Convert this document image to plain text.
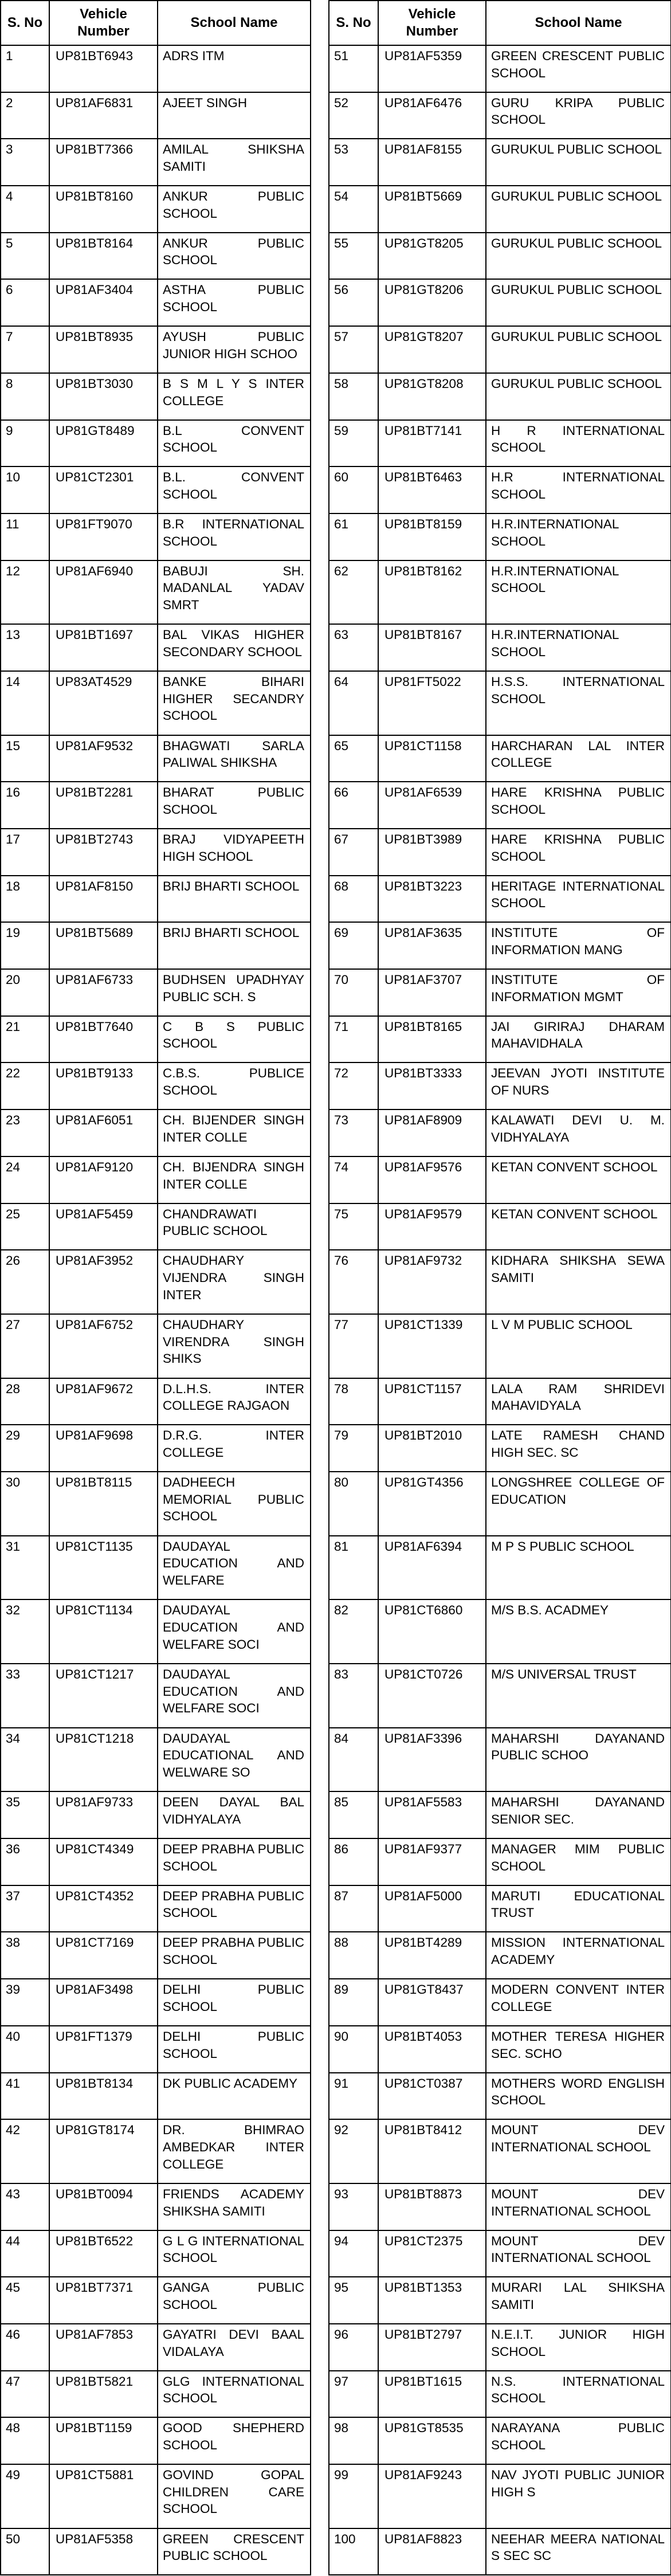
S. No	Vehicle Number	School Name
1	UP81BT6943	ADRS ITM
2	UP81AF6831	AJEET SINGH
3	UP81BT7366	AMILAL SHIKSHA SAMITI
4	UP81BT8160	ANKUR PUBLIC SCHOOL
5	UP81BT8164	ANKUR PUBLIC SCHOOL
6	UP81AF3404	ASTHA PUBLIC SCHOOL
7	UP81BT8935	AYUSH PUBLIC JUNIOR HIGH SCHOO
8	UP81BT3030	B S M L Y S INTER COLLEGE
9	UP81GT8489	B.L CONVENT SCHOOL
10	UP81CT2301	B.L. CONVENT SCHOOL
11	UP81FT9070	B.R INTERNATIONAL SCHOOL
12	UP81AF6940	BABUJI SH. MADANLAL YADAV SMRT
13	UP81BT1697	BAL VIKAS HIGHER SECONDARY SCHOOL
14	UP83AT4529	BANKE BIHARI HIGHER SECANDRY SCHOOL
15	UP81AF9532	BHAGWATI SARLA PALIWAL SHIKSHA
16	UP81BT2281	BHARAT PUBLIC SCHOOL
17	UP81BT2743	BRAJ VIDYAPEETH HIGH SCHOOL
18	UP81AF8150	BRIJ BHARTI SCHOOL
19	UP81BT5689	BRIJ BHARTI SCHOOL
20	UP81AF6733	BUDHSEN UPADHYAY PUBLIC SCH. S
21	UP81BT7640	C B S PUBLIC SCHOOL
22	UP81BT9133	C.B.S. PUBLICE SCHOOL
23	UP81AF6051	CH. BIJENDER SINGH INTER COLLE
24	UP81AF9120	CH. BIJENDRA SINGH INTER COLLE
25	UP81AF5459	CHANDRAWATI PUBLIC SCHOOL
26	UP81AF3952	CHAUDHARY VIJENDRA SINGH INTER
27	UP81AF6752	CHAUDHARY VIRENDRA SINGH SHIKS
28	UP81AF9672	D.L.H.S. INTER COLLEGE RAJGAON
29	UP81AF9698	D.R.G. INTER COLLEGE
30	UP81BT8115	DADHEECH MEMORIAL PUBLIC SCHOOL
31	UP81CT1135	DAUDAYAL EDUCATION AND WELFARE
32	UP81CT1134	DAUDAYAL EDUCATION AND WELFARE SOCI
33	UP81CT1217	DAUDAYAL EDUCATION AND WELFARE SOCI
34	UP81CT1218	DAUDAYAL EDUCATIONAL AND WELWARE SO
35	UP81AF9733	DEEN DAYAL BAL VIDHYALAYA
36	UP81CT4349	DEEP PRABHA PUBLIC SCHOOL
37	UP81CT4352	DEEP PRABHA PUBLIC SCHOOL
38	UP81CT7169	DEEP PRABHA PUBLIC SCHOOL
39	UP81AF3498	DELHI PUBLIC SCHOOL
40	UP81FT1379	DELHI PUBLIC SCHOOL
41	UP81BT8134	DK PUBLIC ACADEMY
42	UP81GT8174	DR. BHIMRAO AMBEDKAR INTER COLLEGE
43	UP81BT0094	FRIENDS ACADEMY SHIKSHA SAMITI
44	UP81BT6522	G L G INTERNATIONAL SCHOOL
45	UP81BT7371	GANGA PUBLIC SCHOOL
46	UP81AF7853	GAYATRI DEVI BAAL VIDALAYA
47	UP81BT5821	GLG INTERNATIONAL SCHOOL
48	UP81BT1159	GOOD SHEPHERD SCHOOL
49	UP81CT5881	GOVIND GOPAL CHILDREN CARE SCHOOL
50	UP81AF5358	GREEN CRESCENT PUBLIC SCHOOL
S. No	Vehicle Number	School Name
51	UP81AF5359	GREEN CRESCENT PUBLIC SCHOOL
52	UP81AF6476	GURU KRIPA PUBLIC SCHOOL
53	UP81AF8155	GURUKUL PUBLIC SCHOOL
54	UP81BT5669	GURUKUL PUBLIC SCHOOL
55	UP81GT8205	GURUKUL PUBLIC SCHOOL
56	UP81GT8206	GURUKUL PUBLIC SCHOOL
57	UP81GT8207	GURUKUL PUBLIC SCHOOL
58	UP81GT8208	GURUKUL PUBLIC SCHOOL
59	UP81BT7141	H R INTERNATIONAL SCHOOL
60	UP81BT6463	H.R INTERNATIONAL SCHOOL
61	UP81BT8159	H.R.INTERNATIONAL SCHOOL
62	UP81BT8162	H.R.INTERNATIONAL SCHOOL
63	UP81BT8167	H.R.INTERNATIONAL SCHOOL
64	UP81FT5022	H.S.S. INTERNATIONAL SCHOOL
65	UP81CT1158	HARCHARAN LAL INTER COLLEGE
66	UP81AF6539	HARE KRISHNA PUBLIC SCHOOL
67	UP81BT3989	HARE KRISHNA PUBLIC SCHOOL
68	UP81BT3223	HERITAGE INTERNATIONAL SCHOOL
69	UP81AF3635	INSTITUTE OF INFORMATION MANG
70	UP81AF3707	INSTITUTE OF INFORMATION MGMT
71	UP81BT8165	JAI GIRIRAJ DHARAM MAHAVIDHALA
72	UP81BT3333	JEEVAN JYOTI INSTITUTE OF NURS
73	UP81AF8909	KALAWATI DEVI U. M. VIDHYALAYA
74	UP81AF9576	KETAN CONVENT SCHOOL
75	UP81AF9579	KETAN CONVENT SCHOOL
76	UP81AF9732	KIDHARA SHIKSHA SEWA SAMITI
77	UP81CT1339	L V M PUBLIC SCHOOL
78	UP81CT1157	LALA RAM SHRIDEVI MAHAVIDYALA
79	UP81BT2010	LATE RAMESH CHAND HIGH SEC. SC
80	UP81GT4356	LONGSHREE COLLEGE OF EDUCATION
81	UP81AF6394	M P S PUBLIC SCHOOL
82	UP81CT6860	M/S B.S. ACADMEY
83	UP81CT0726	M/S UNIVERSAL TRUST
84	UP81AF3396	MAHARSHI DAYANAND PUBLIC SCHOO
85	UP81AF5583	MAHARSHI DAYANAND SENIOR SEC.
86	UP81AF9377	MANAGER MIM PUBLIC SCHOOL
87	UP81AF5000	MARUTI EDUCATIONAL TRUST
88	UP81BT4289	MISSION INTERNATIONAL ACADEMY
89	UP81GT8437	MODERN CONVENT INTER COLLEGE
90	UP81BT4053	MOTHER TERESA HIGHER SEC. SCHO
91	UP81CT0387	MOTHERS WORD ENGLISH SCHOOL
92	UP81BT8412	MOUNT DEV INTERNATIONAL SCHOOL
93	UP81BT8873	MOUNT DEV INTERNATIONAL SCHOOL
94	UP81CT2375	MOUNT DEV INTERNATIONAL SCHOOL
95	UP81BT1353	MURARI LAL SHIKSHA SAMITI
96	UP81BT2797	N.E.I.T. JUNIOR HIGH SCHOOL
97	UP81BT1615	N.S. INTERNATIONAL SCHOOL
98	UP81GT8535	NARAYANA PUBLIC SCHOOL
99	UP81AF9243	NAV JYOTI PUBLIC JUNIOR HIGH S
100	UP81AF8823	NEEHAR MEERA NATIONAL S SEC SC
